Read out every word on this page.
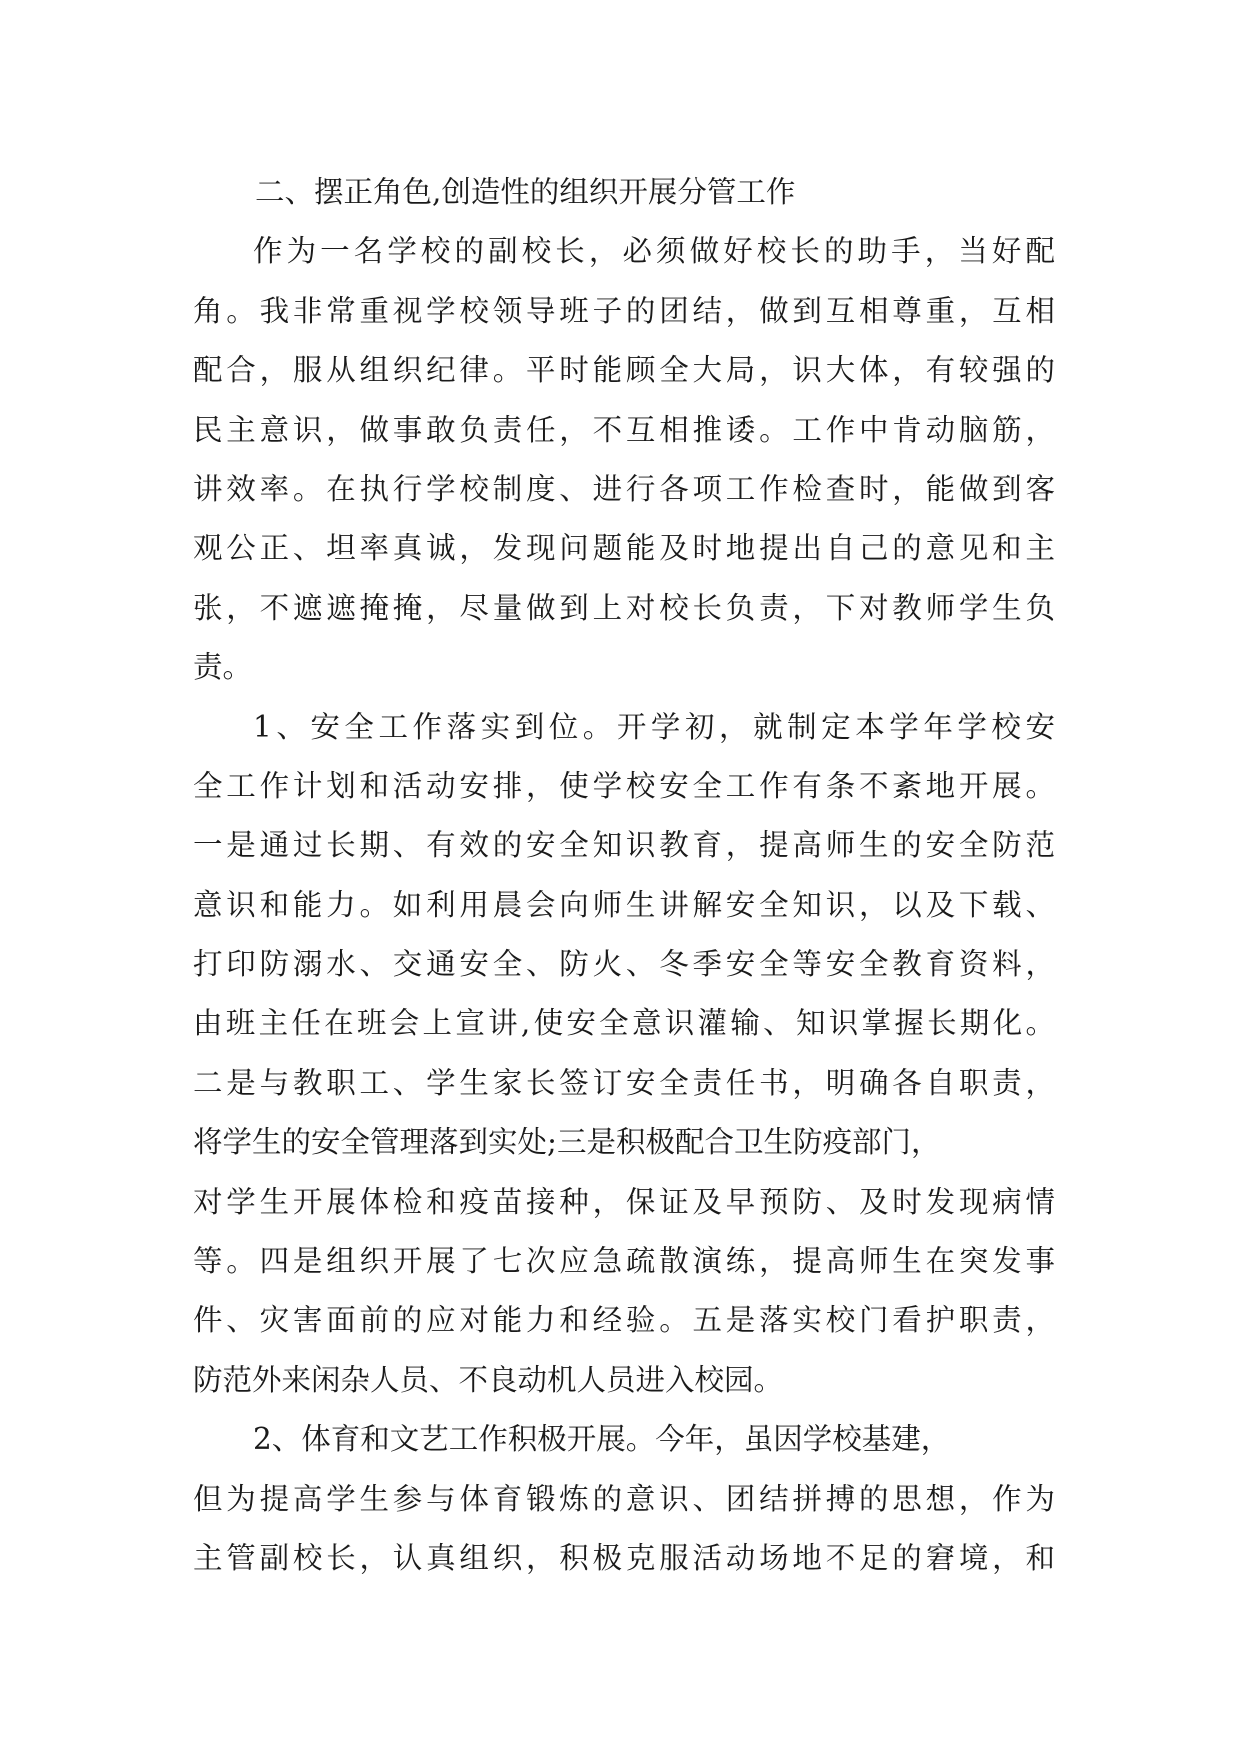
二、摆正角色,创造性的组织开展分管工作
作为一名学校的副校长，必须做好校长的助手，当好配
角。我非常重视学校领导班子的团结，做到互相尊重，互相
配合，服从组织纪律。平时能顾全大局，识大体，有较强的
民主意识，做事敢负责任，不互相推诿。工作中肯动脑筋，
讲效率。在执行学校制度、进行各项工作检查时，能做到客
观公正、坦率真诚，发现问题能及时地提出自己的意见和主
张，不遮遮掩掩，尽量做到上对校长负责，下对教师学生负
责。
1、安全工作落实到位。开学初，就制定本学年学校安
全工作计划和活动安排，使学校安全工作有条不紊地开展。
一是通过长期、有效的安全知识教育，提高师生的安全防范
意识和能力。如利用晨会向师生讲解安全知识，以及下载、
打印防溺水、交通安全、防火、冬季安全等安全教育资料，
由班主任在班会上宣讲,使安全意识灌输、知识掌握长期化。
二是与教职工、学生家长签订安全责任书，明确各自职责，
将学生的安全管理落到实处;三是积极配合卫生防疫部门，
对学生开展体检和疫苗接种，保证及早预防、及时发现病情
等。四是组织开展了七次应急疏散演练，提高师生在突发事
件、灾害面前的应对能力和经验。五是落实校门看护职责，
防范外来闲杂人员、不良动机人员进入校园。
2、体育和文艺工作积极开展。今年，虽因学校基建，
但为提高学生参与体育锻炼的意识、团结拼搏的思想，作为
主管副校长，认真组织，积极克服活动场地不足的窘境，和
